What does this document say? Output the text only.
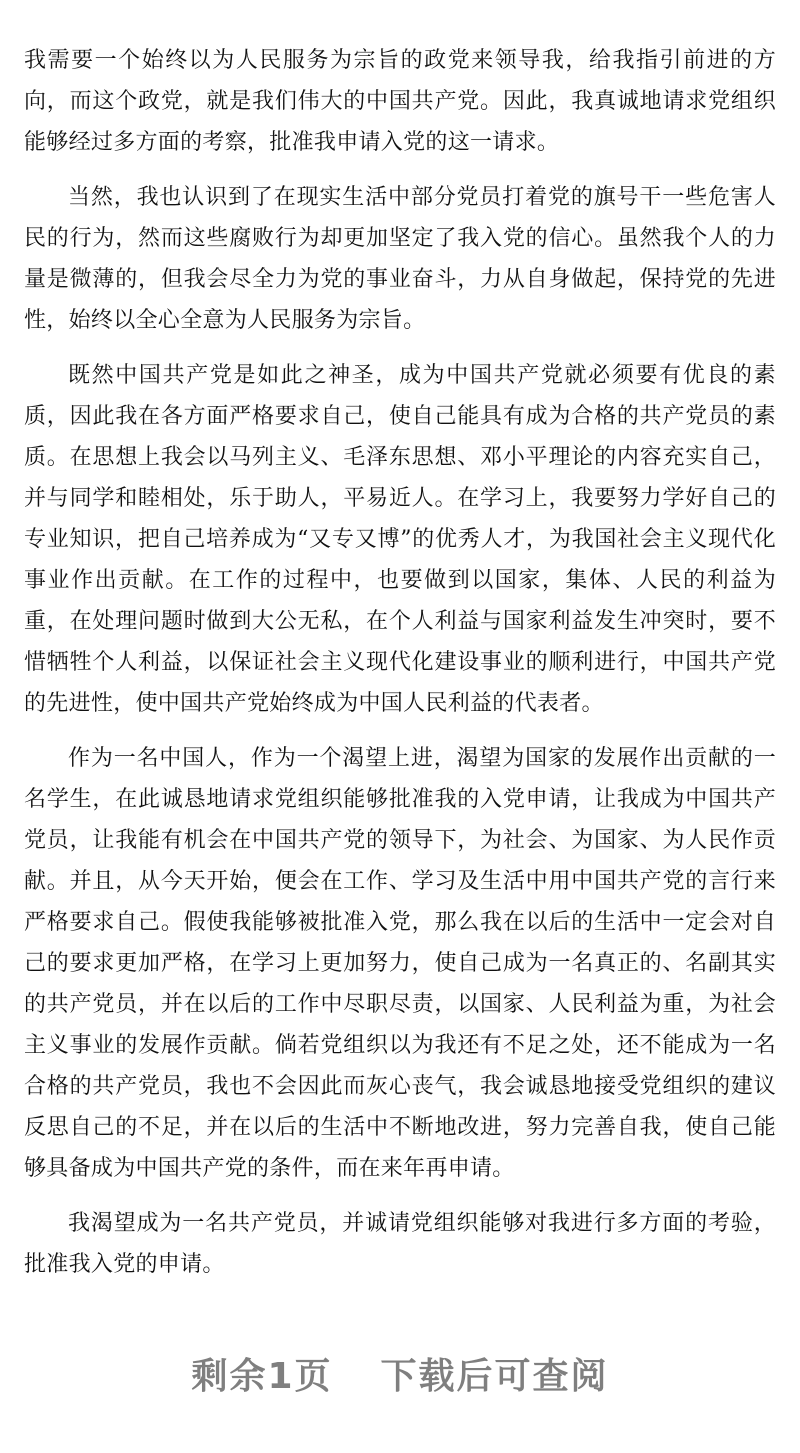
我需要一个始终以为人民服务为宗旨的政党来领导我，给我指引前进的方向，而这个政党，就是我们伟大的中国共产党。因此，我真诚地请求党组织能够经过多方面的考察，批准我申请入党的这一请求。

当然，我也认识到了在现实生活中部分党员打着党的旗号干一些危害人民的行为，然而这些腐败行为却更加坚定了我入党的信心。虽然我个人的力量是微薄的，但我会尽全力为党的事业奋斗，力从自身做起，保持党的先进性，始终以全心全意为人民服务为宗旨。

既然中国共产党是如此之神圣，成为中国共产党就必须要有优良的素质，因此我在各方面严格要求自己，使自己能具有成为合格的共产党员的素质。在思想上我会以马列主义、毛泽东思想、邓小平理论的内容充实自己，并与同学和睦相处，乐于助人，平易近人。在学习上，我要努力学好自己的专业知识，把自己培养成为“又专又博”的优秀人才，为我国社会主义现代化事业作出贡献。在工作的过程中，也要做到以国家，集体、人民的利益为重，在处理问题时做到大公无私，在个人利益与国家利益发生冲突时，要不惜牺牲个人利益，以保证社会主义现代化建设事业的顺利进行，中国共产党的先进性，使中国共产党始终成为中国人民利益的代表者。

作为一名中国人，作为一个渴望上进，渴望为国家的发展作出贡献的一名学生，在此诚恳地请求党组织能够批准我的入党申请，让我成为中国共产党员，让我能有机会在中国共产党的领导下，为社会、为国家、为人民作贡献。并且，从今天开始，便会在工作、学习及生活中用中国共产党的言行来严格要求自己。假使我能够被批准入党，那么我在以后的生活中一定会对自己的要求更加严格，在学习上更加努力，使自己成为一名真正的、名副其实的共产党员，并在以后的工作中尽职尽责，以国家、人民利益为重，为社会主义事业的发展作贡献。倘若党组织以为我还有不足之处，还不能成为一名合格的共产党员，我也不会因此而灰心丧气，我会诚恳地接受党组织的建议反思自己的不足，并在以后的生活中不断地改进，努力完善自我，使自己能够具备成为中国共产党的条件，而在来年再申请。

我渴望成为一名共产党员，并诚请党组织能够对我进行多方面的考验，批准我入党的申请。

剩余1页 下载后可查阅
